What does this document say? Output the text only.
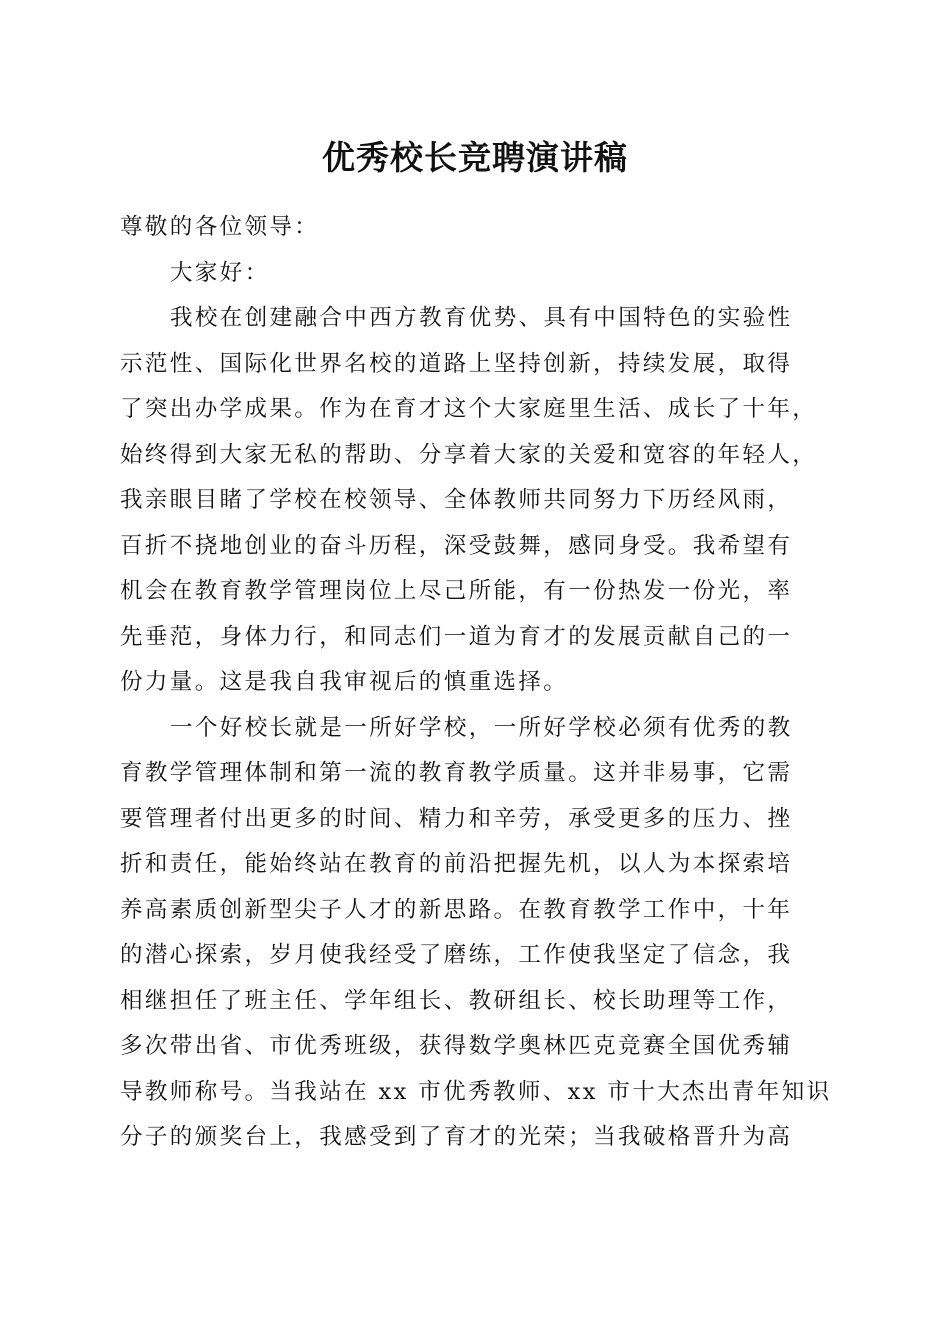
优秀校长竞聘演讲稿
尊敬的各位领导：
大家好：
我校在创建融合中西方教育优势、具有中国特色的实验性
示范性、国际化世界名校的道路上坚持创新，持续发展，取得
了突出办学成果。作为在育才这个大家庭里生活、成长了十年，
始终得到大家无私的帮助、分享着大家的关爱和宽容的年轻人，
我亲眼目睹了学校在校领导、全体教师共同努力下历经风雨，
百折不挠地创业的奋斗历程，深受鼓舞，感同身受。我希望有
机会在教育教学管理岗位上尽己所能，有一份热发一份光，率
先垂范，身体力行，和同志们一道为育才的发展贡献自己的一
份力量。这是我自我审视后的慎重选择。
一个好校长就是一所好学校，一所好学校必须有优秀的教
育教学管理体制和第一流的教育教学质量。这并非易事，它需
要管理者付出更多的时间、精力和辛劳，承受更多的压力、挫
折和责任，能始终站在教育的前沿把握先机，以人为本探索培
养高素质创新型尖子人才的新思路。在教育教学工作中，十年
的潜心探索，岁月使我经受了磨练，工作使我坚定了信念，我
相继担任了班主任、学年组长、教研组长、校长助理等工作，
多次带出省、市优秀班级，获得数学奥林匹克竞赛全国优秀辅
导教师称号。当我站在 xx 市优秀教师、xx 市十大杰出青年知识
分子的颁奖台上，我感受到了育才的光荣；当我破格晋升为高
